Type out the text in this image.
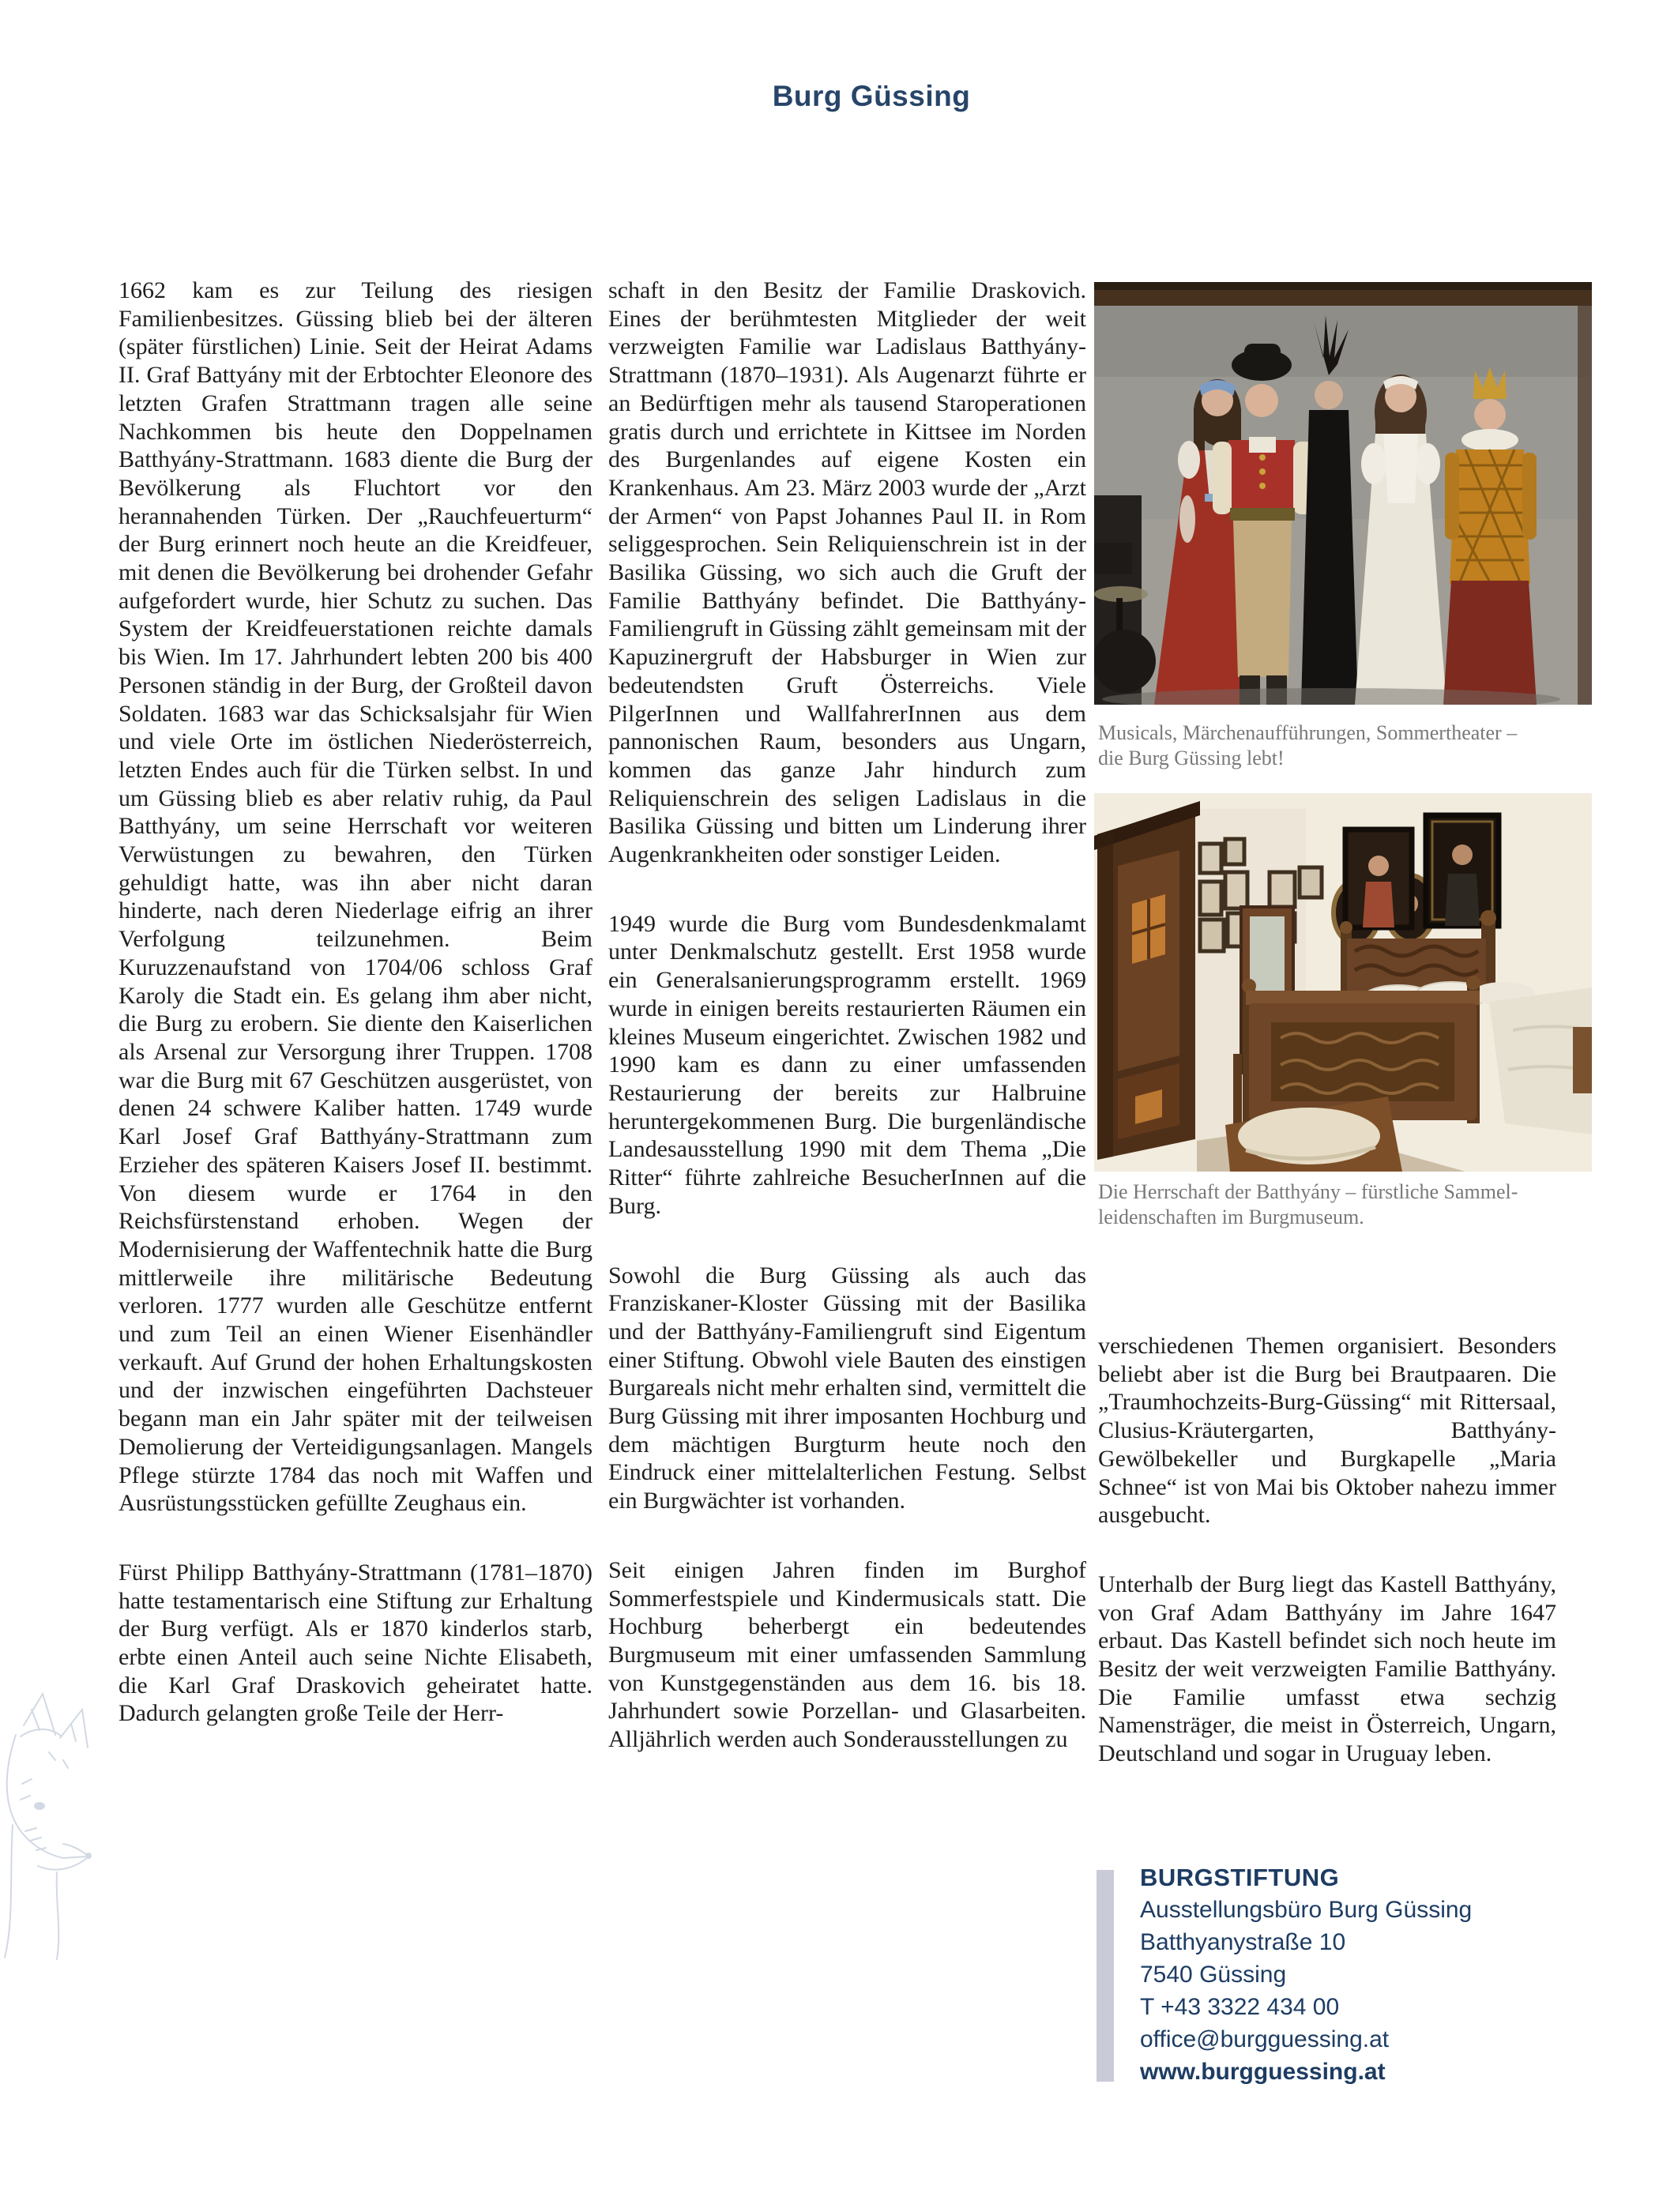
Burg Güssing

1662 kam es zur Teilung des riesigen Familienbesitzes. Güssing blieb bei der älteren (später fürstlichen) Linie. Seit der Heirat Adams II. Graf Battyány mit der Erbtochter Eleonore des letzten Grafen Strattmann tragen alle seine Nachkommen bis heute den Doppelnamen Batthyány-Strattmann. 1683 diente die Burg der Bevölkerung als Fluchtort vor den herannahenden Türken. Der „Rauchfeuerturm“ der Burg erinnert noch heute an die Kreidfeuer, mit denen die Bevölkerung bei drohender Gefahr aufgefordert wurde, hier Schutz zu suchen. Das System der Kreidfeuerstationen reichte damals bis Wien. Im 17. Jahrhundert lebten 200 bis 400 Personen ständig in der Burg, der Großteil davon Soldaten. 1683 war das Schicksalsjahr für Wien und viele Orte im östlichen Niederösterreich, letzten Endes auch für die Türken selbst. In und um Güssing blieb es aber relativ ruhig, da Paul Batthyány, um seine Herrschaft vor weiteren Verwüstungen zu bewahren, den Türken gehuldigt hatte, was ihn aber nicht daran hinderte, nach deren Niederlage eifrig an ihrer Verfolgung teilzunehmen. Beim Kuruzzenaufstand von 1704/06 schloss Graf Karoly die Stadt ein. Es gelang ihm aber nicht, die Burg zu erobern. Sie diente den Kaiserlichen als Arsenal zur Versorgung ihrer Truppen. 1708 war die Burg mit 67 Geschützen ausgerüstet, von denen 24 schwere Kaliber hatten. 1749 wurde Karl Josef Graf Batthyány-Strattmann zum Erzieher des späteren Kaisers Josef II. bestimmt. Von diesem wurde er 1764 in den Reichsfürstenstand erhoben. Wegen der Modernisierung der Waffentechnik hatte die Burg mittlerweile ihre militärische Bedeutung verloren. 1777 wurden alle Geschütze entfernt und zum Teil an einen Wiener Eisenhändler verkauft. Auf Grund der hohen Erhaltungskosten und der inzwischen eingeführten Dachsteuer begann man ein Jahr später mit der teilweisen Demolierung der Verteidigungsanlagen. Mangels Pflege stürzte 1784 das noch mit Waffen und Ausrüstungsstücken gefüllte Zeughaus ein.

Fürst Philipp Batthyány-Strattmann (1781–1870) hatte testamentarisch eine Stiftung zur Erhaltung der Burg verfügt. Als er 1870 kinderlos starb, erbte einen Anteil auch seine Nichte Elisabeth, die Karl Graf Draskovich geheiratet hatte. Dadurch gelangten große Teile der Herr-

schaft in den Besitz der Familie Draskovich. Eines der berühmtesten Mitglieder der weit verzweigten Familie war Ladislaus Batthyány-Strattmann (1870–1931). Als Augenarzt führte er an Bedürftigen mehr als tausend Staroperationen gratis durch und errichtete in Kittsee im Norden des Burgenlandes auf eigene Kosten ein Krankenhaus. Am 23. März 2003 wurde der „Arzt der Armen“ von Papst Johannes Paul II. in Rom seliggesprochen. Sein Reliquienschrein ist in der Basilika Güssing, wo sich auch die Gruft der Familie Batthyány befindet. Die Batthyány-Familiengruft in Güssing zählt gemeinsam mit der Kapuzinergruft der Habsburger in Wien zur bedeutendsten Gruft Österreichs. Viele PilgerInnen und WallfahrerInnen aus dem pannonischen Raum, besonders aus Ungarn, kommen das ganze Jahr hindurch zum Reliquienschrein des seligen Ladislaus in die Basilika Güssing und bitten um Linderung ihrer Augenkrankheiten oder sonstiger Leiden.

1949 wurde die Burg vom Bundesdenkmalamt unter Denkmalschutz gestellt. Erst 1958 wurde ein Generalsanierungsprogramm erstellt. 1969 wurde in einigen bereits restaurierten Räumen ein kleines Museum eingerichtet. Zwischen 1982 und 1990 kam es dann zu einer umfassenden Restaurierung der bereits zur Halbruine heruntergekommenen Burg. Die burgenländische Landesausstellung 1990 mit dem Thema „Die Ritter“ führte zahlreiche BesucherInnen auf die Burg.

Sowohl die Burg Güssing als auch das Franziskaner-Kloster Güssing mit der Basilika und der Batthyány-Familiengruft sind Eigentum einer Stiftung. Obwohl viele Bauten des einstigen Burgareals nicht mehr erhalten sind, vermittelt die Burg Güssing mit ihrer imposanten Hochburg und dem mächtigen Burgturm heute noch den Eindruck einer mittelalterlichen Festung. Selbst ein Burgwächter ist vorhanden.

Seit einigen Jahren finden im Burghof Sommerfestspiele und Kindermusicals statt. Die Hochburg beherbergt ein bedeutendes Burgmuseum mit einer umfassenden Sammlung von Kunstgegenständen aus dem 16. bis 18. Jahrhundert sowie Porzellan- und Glasarbeiten. Alljährlich werden auch Sonderausstellungen zu

verschiedenen Themen organisiert. Besonders beliebt aber ist die Burg bei Brautpaaren. Die „Traumhochzeits-Burg-Güssing“ mit Rittersaal, Clusius-Kräutergarten, Batthyány-Gewölbekeller und Burgkapelle „Maria Schnee“ ist von Mai bis Oktober nahezu immer ausgebucht.

Unterhalb der Burg liegt das Kastell Batthyány, von Graf Adam Batthyány im Jahre 1647 erbaut. Das Kastell befindet sich noch heute im Besitz der weit verzweigten Familie Batthyány. Die Familie umfasst etwa sechzig Namensträger, die meist in Österreich, Ungarn, Deutschland und sogar in Uruguay leben.

Musicals, Märchenaufführungen, Sommertheater –
die Burg Güssing lebt!
Die Herrschaft der Batthyány – fürstliche Sammel-
leidenschaften im Burgmuseum.
BURGSTIFTUNG
Ausstellungsbüro Burg Güssing
Batthyanystraße 10
7540 Güssing
T +43 3322 434 00
office@burgguessing.at
www.burgguessing.at
